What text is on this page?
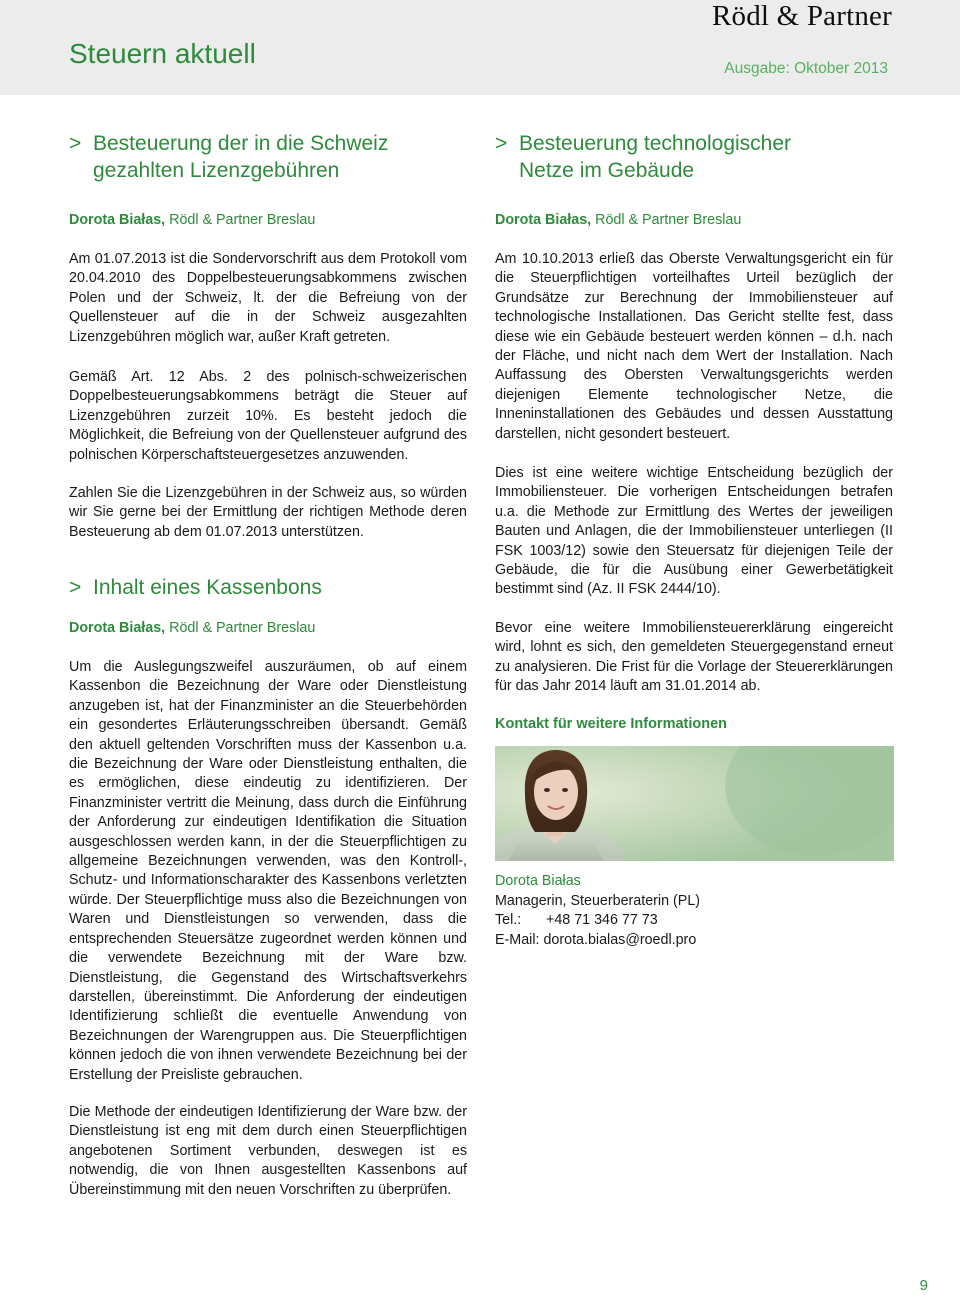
Rödl & Partner
Steuern aktuell	Ausgabe: Oktober 2013
> Besteuerung der in die Schweiz
gezahlten Lizenzgebühren
Dorota Białas, Rödl & Partner Breslau

Am 01.07.2013 ist die Sondervorschrift aus dem Protokoll vom 20.04.2010 des Doppelbesteuerungsabkommens zwischen Polen und der Schweiz, lt. der die Befreiung von der Quellensteuer auf die in der Schweiz ausgezahlten Lizenzgebühren möglich war, außer Kraft getreten.

Gemäß Art. 12 Abs. 2 des polnisch-schweizerischen Doppelbesteuerungsabkommens beträgt die Steuer auf Lizenzgebühren zurzeit 10%. Es besteht jedoch die Möglichkeit, die Befreiung von der Quellensteuer aufgrund des polnischen Körperschaftsteuergesetzes anzuwenden.

Zahlen Sie die Lizenzgebühren in der Schweiz aus, so würden wir Sie gerne bei der Ermittlung der richtigen Methode deren Besteuerung ab dem 01.07.2013 unterstützen.

> Inhalt eines Kassenbons
Dorota Białas, Rödl & Partner Breslau

Um die Auslegungszweifel auszuräumen, ob auf einem Kassenbon die Bezeichnung der Ware oder Dienstleistung anzugeben ist, hat der Finanzminister an die Steuerbehörden ein gesondertes Erläuterungsschreiben übersandt. Gemäß den aktuell geltenden Vorschriften muss der Kassenbon u.a. die Bezeichnung der Ware oder Dienstleistung enthalten, die es ermöglichen, diese eindeutig zu identifizieren. Der Finanzminister vertritt die Meinung, dass durch die Einführung der Anforderung zur eindeutigen Identifikation die Situation ausgeschlossen werden kann, in der die Steuerpflichtigen zu allgemeine Bezeichnungen verwenden, was den Kontroll-, Schutz- und Informationscharakter des Kassenbons verletzten würde. Der Steuerpflichtige muss also die Bezeichnungen von Waren und Dienstleistungen so verwenden, dass die entsprechenden Steuersätze zugeordnet werden können und die verwendete Bezeichnung mit der Ware bzw. Dienstleistung, die Gegenstand des Wirtschaftsverkehrs darstellen, übereinstimmt. Die Anforderung der eindeutigen Identifizierung schließt die eventuelle Anwendung von Bezeichnungen der Warengruppen aus. Die Steuerpflichtigen können jedoch die von ihnen verwendete Bezeichnung bei der Erstellung der Preisliste gebrauchen.

Die Methode der eindeutigen Identifizierung der Ware bzw. der Dienstleistung ist eng mit dem durch einen Steuerpflichtigen angebotenen Sortiment verbunden, deswegen ist es notwendig, die von Ihnen ausgestellten Kassenbons auf Übereinstimmung mit den neuen Vorschriften zu überprüfen.

> Besteuerung technologischer
Netze im Gebäude
Dorota Białas, Rödl & Partner Breslau

Am 10.10.2013 erließ das Oberste Verwaltungsgericht ein für die Steuerpflichtigen vorteilhaftes Urteil bezüglich der Grundsätze zur Berechnung der Immobiliensteuer auf technologische Installationen. Das Gericht stellte fest, dass diese wie ein Gebäude besteuert werden können – d.h. nach der Fläche, und nicht nach dem Wert der Installation. Nach Auffassung des Obersten Verwaltungsgerichts werden diejenigen Elemente technologischer Netze, die Inneninstallationen des Gebäudes und dessen Ausstattung darstellen, nicht gesondert besteuert.

Dies ist eine weitere wichtige Entscheidung bezüglich der Immobiliensteuer. Die vorherigen Entscheidungen betrafen u.a. die Methode zur Ermittlung des Wertes der jeweiligen Bauten und Anlagen, die der Immobiliensteuer unterliegen (II FSK 1003/12) sowie den Steuersatz für diejenigen Teile der Gebäude, die für die Ausübung einer Gewerbetätigkeit bestimmt sind (Az. II FSK 2444/10).

Bevor eine weitere Immobiliensteuererklärung eingereicht wird, lohnt es sich, den gemeldeten Steuergegenstand erneut zu analysieren. Die Frist für die Vorlage der Steuererklärungen für das Jahr 2014 läuft am 31.01.2014 ab.

Kontakt für weitere Informationen
Dorota Białas
Managerin, Steuerberaterin (PL)
Tel.: +48 71 346 77 73
E-Mail: dorota.bialas@roedl.pro
9
